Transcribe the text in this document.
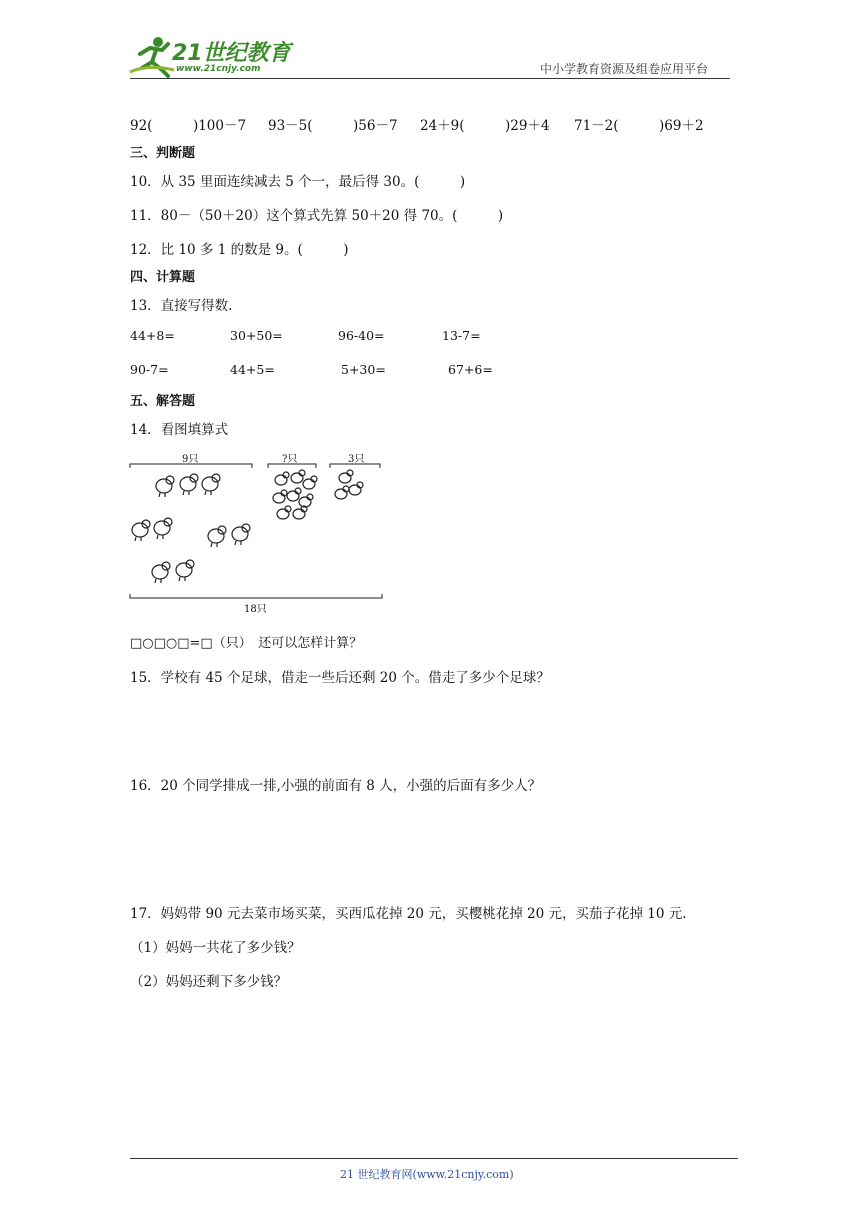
21世纪教育
www.21cnjy.com	中小学教育资源及组卷应用平台
92(　　　)100－7 93－5(　　　)56－7 24＋9(　　　)29＋4 71－2(　　　)69＋2
三、判断题
10．从 35 里面连续减去 5 个一，最后得 30。(　　　)
11．80－（50＋20）这个算式先算 50＋20 得 70。(　　　)
12．比 10 多 1 的数是 9。(　　　)
四、计算题
13．直接写得数.
44+8=	30+50=	96-40=	13-7=
90-7=	44+5=	5+30=	67+6=
五、解答题
14．看图填算式
9只	?只	3只
18只
□○□○□=□（只）　还可以怎样计算？
15．学校有 45 个足球，借走一些后还剩 20 个。借走了多少个足球？
16．20 个同学排成一排,小强的前面有 8 人，小强的后面有多少人？
17．妈妈带 90 元去菜市场买菜，买西瓜花掉 20 元，买樱桃花掉 20 元，买茄子花掉 10 元.
（1）妈妈一共花了多少钱？
（2）妈妈还剩下多少钱？
21 世纪教育网(www.21cnjy.com)
